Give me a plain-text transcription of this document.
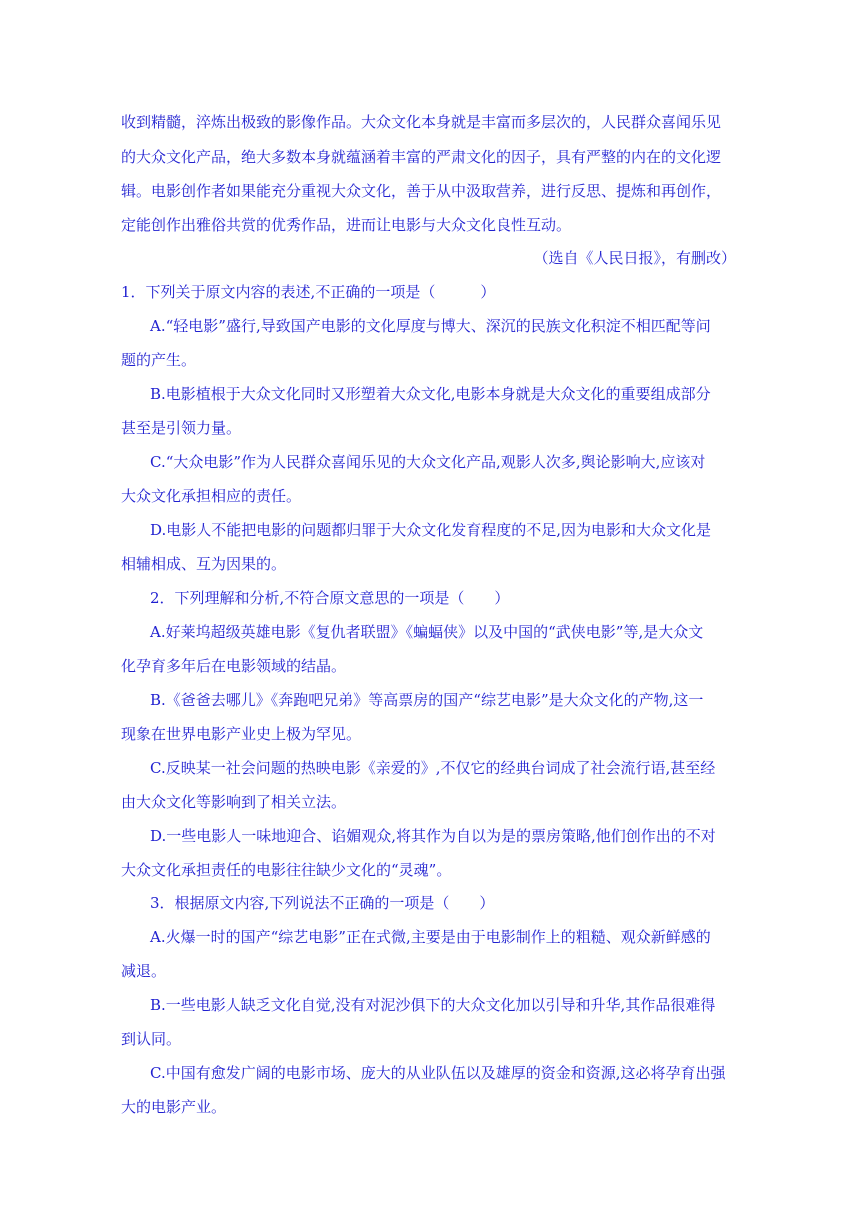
收到精髓，淬炼出极致的影像作品。大众文化本身就是丰富而多层次的，人民群众喜闻乐见
的大众文化产品，绝大多数本身就蕴涵着丰富的严肃文化的因子，具有严整的内在的文化逻
辑。电影创作者如果能充分重视大众文化，善于从中汲取营养，进行反思、提炼和再创作，
定能创作出雅俗共赏的优秀作品，进而让电影与大众文化良性互动。
（选自《人民日报》，有删改）
1．下列关于原文内容的表述,不正确的一项是（　　　）
A.“轻电影”盛行,导致国产电影的文化厚度与博大、深沉的民族文化积淀不相匹配等问
题的产生。
B.电影植根于大众文化同时又形塑着大众文化,电影本身就是大众文化的重要组成部分
甚至是引领力量。
C.“大众电影”作为人民群众喜闻乐见的大众文化产品,观影人次多,舆论影响大,应该对
大众文化承担相应的责任。
D.电影人不能把电影的问题都归罪于大众文化发育程度的不足,因为电影和大众文化是
相辅相成、互为因果的。
2．下列理解和分析,不符合原文意思的一项是（　　）
A.好莱坞超级英雄电影《复仇者联盟》《蝙蝠侠》以及中国的“武侠电影”等,是大众文
化孕育多年后在电影领域的结晶。
B.《爸爸去哪儿》《奔跑吧兄弟》等高票房的国产“综艺电影”是大众文化的产物,这一
现象在世界电影产业史上极为罕见。
C.反映某一社会问题的热映电影《亲爱的》,不仅它的经典台词成了社会流行语,甚至经
由大众文化等影响到了相关立法。
D.一些电影人一味地迎合、谄媚观众,将其作为自以为是的票房策略,他们创作出的不对
大众文化承担责任的电影往往缺少文化的“灵魂”。
3．根据原文内容,下列说法不正确的一项是（　　）
A.火爆一时的国产“综艺电影”正在式微,主要是由于电影制作上的粗糙、观众新鲜感的
减退。
B.一些电影人缺乏文化自觉,没有对泥沙俱下的大众文化加以引导和升华,其作品很难得
到认同。
C.中国有愈发广阔的电影市场、庞大的从业队伍以及雄厚的资金和资源,这必将孕育出强
大的电影产业。
